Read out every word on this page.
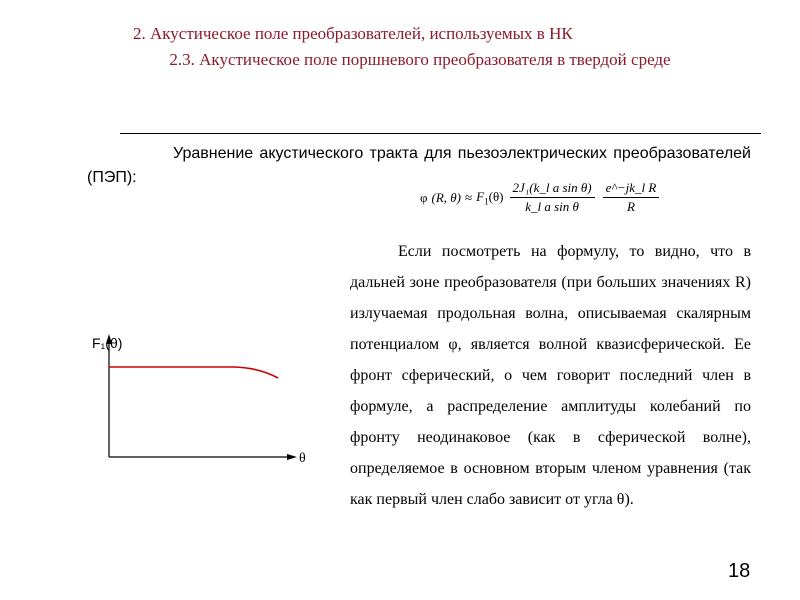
2. Акустическое поле преобразователей, используемых в НК
2.3. Акустическое поле поршневого преобразователя в твердой среде
Уравнение акустического тракта для пьезоэлектрических преобразователей (ПЭП):
φ (R, $\theta) \approx F_1(\theta) \frac{\text{2J₁(k\_l a sin θ)}}{\text{k\_l a sin θ}} \frac{\text{e\textasciicircum{}−jk\_l R}}{R}$
Если посмотреть на формулу, то видно, что в дальней зоне преобразователя (при больших значениях R) излучаемая продольная волна, описываемая скалярным потенциалом φ, является волной квазисферической. Ее фронт сферический, о чем говорит последний член в формуле, а распределение амплитуды колебаний по фронту неодинаковое (как в сферической волне), определяемое в основном вторым членом уравнения (так как первый член слабо зависит от угла θ).
F₁(θ)
θ
18
